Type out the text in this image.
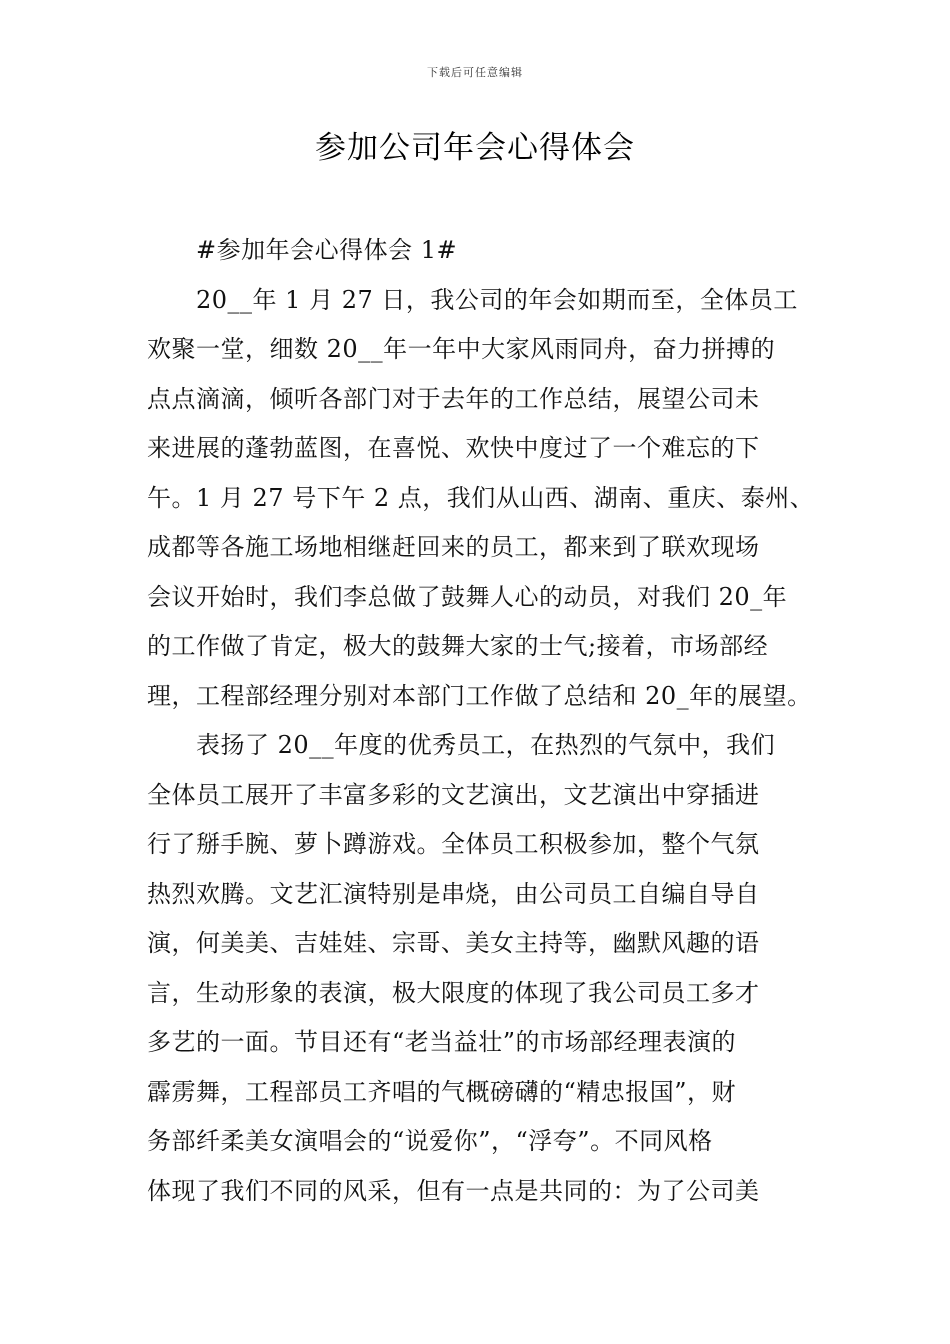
下载后可任意编辑
参加公司年会心得体会
#参加年会心得体会 1#
20__年 1 月 27 日，我公司的年会如期而至，全体员工
欢聚一堂，细数 20__年一年中大家风雨同舟，奋力拼搏的
点点滴滴，倾听各部门对于去年的工作总结，展望公司未
来进展的蓬勃蓝图，在喜悦、欢快中度过了一个难忘的下
午。1 月 27 号下午 2 点，我们从山西、湖南、重庆、泰州、
成都等各施工场地相继赶回来的员工，都来到了联欢现场
会议开始时，我们李总做了鼓舞人心的动员，对我们 20_年
的工作做了肯定，极大的鼓舞大家的士气;接着，市场部经
理，工程部经理分别对本部门工作做了总结和 20_年的展望。
表扬了 20__年度的优秀员工，在热烈的气氛中，我们
全体员工展开了丰富多彩的文艺演出，文艺演出中穿插进
行了掰手腕、萝卜蹲游戏。全体员工积极参加，整个气氛
热烈欢腾。文艺汇演特别是串烧，由公司员工自编自导自
演，何美美、吉娃娃、宗哥、美女主持等，幽默风趣的语
言，生动形象的表演，极大限度的体现了我公司员工多才
多艺的一面。节目还有“老当益壮”的市场部经理表演的
霹雳舞，工程部员工齐唱的气概磅礴的“精忠报国”，财
务部纤柔美女演唱会的“说爱你”，“浮夸”。不同风格
体现了我们不同的风采，但有一点是共同的：为了公司美
